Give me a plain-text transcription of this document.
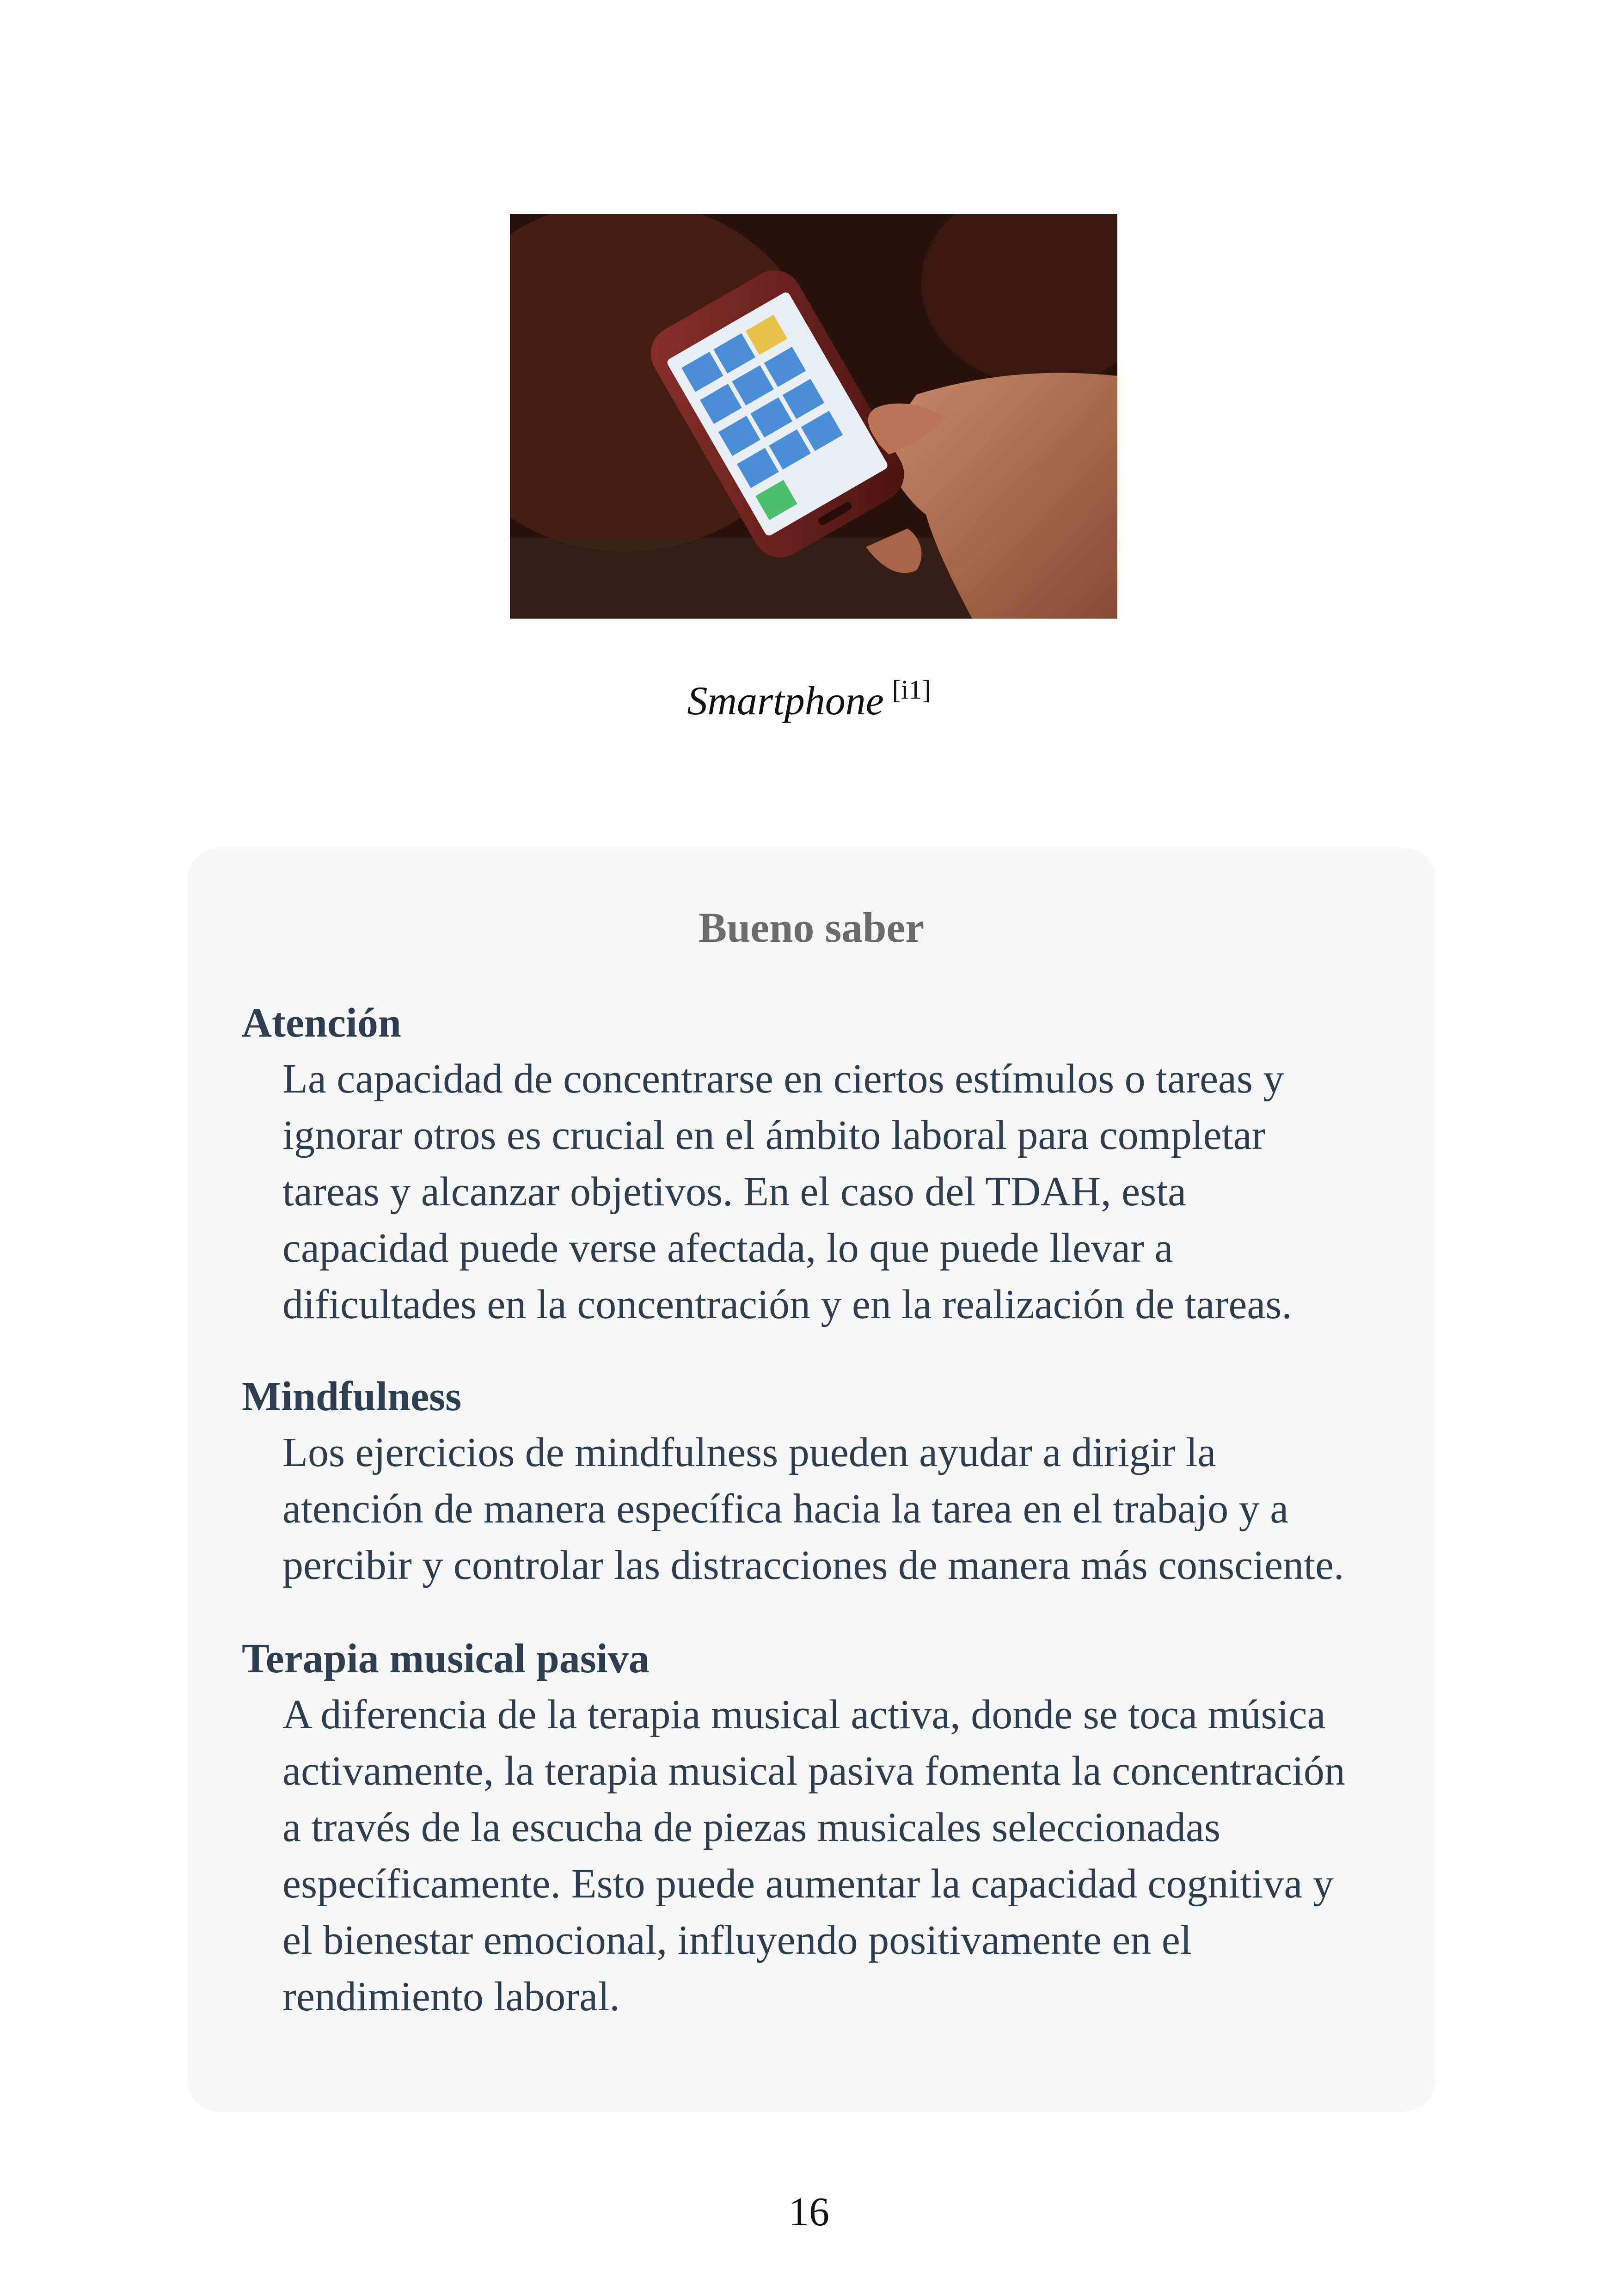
Smartphone [i1]
Bueno saber
Atención

La capacidad de concentrarse en ciertos estímulos o tareas y
ignorar otros es crucial en el ámbito laboral para completar
tareas y alcanzar objetivos. En el caso del TDAH, esta
capacidad puede verse afectada, lo que puede llevar a
dificultades en la concentración y en la realización de tareas.

Mindfulness

Los ejercicios de mindfulness pueden ayudar a dirigir la
atención de manera específica hacia la tarea en el trabajo y a
percibir y controlar las distracciones de manera más consciente.

Terapia musical pasiva

A diferencia de la terapia musical activa, donde se toca música
activamente, la terapia musical pasiva fomenta la concentración
a través de la escucha de piezas musicales seleccionadas
específicamente. Esto puede aumentar la capacidad cognitiva y
el bienestar emocional, influyendo positivamente en el
rendimiento laboral.

16
